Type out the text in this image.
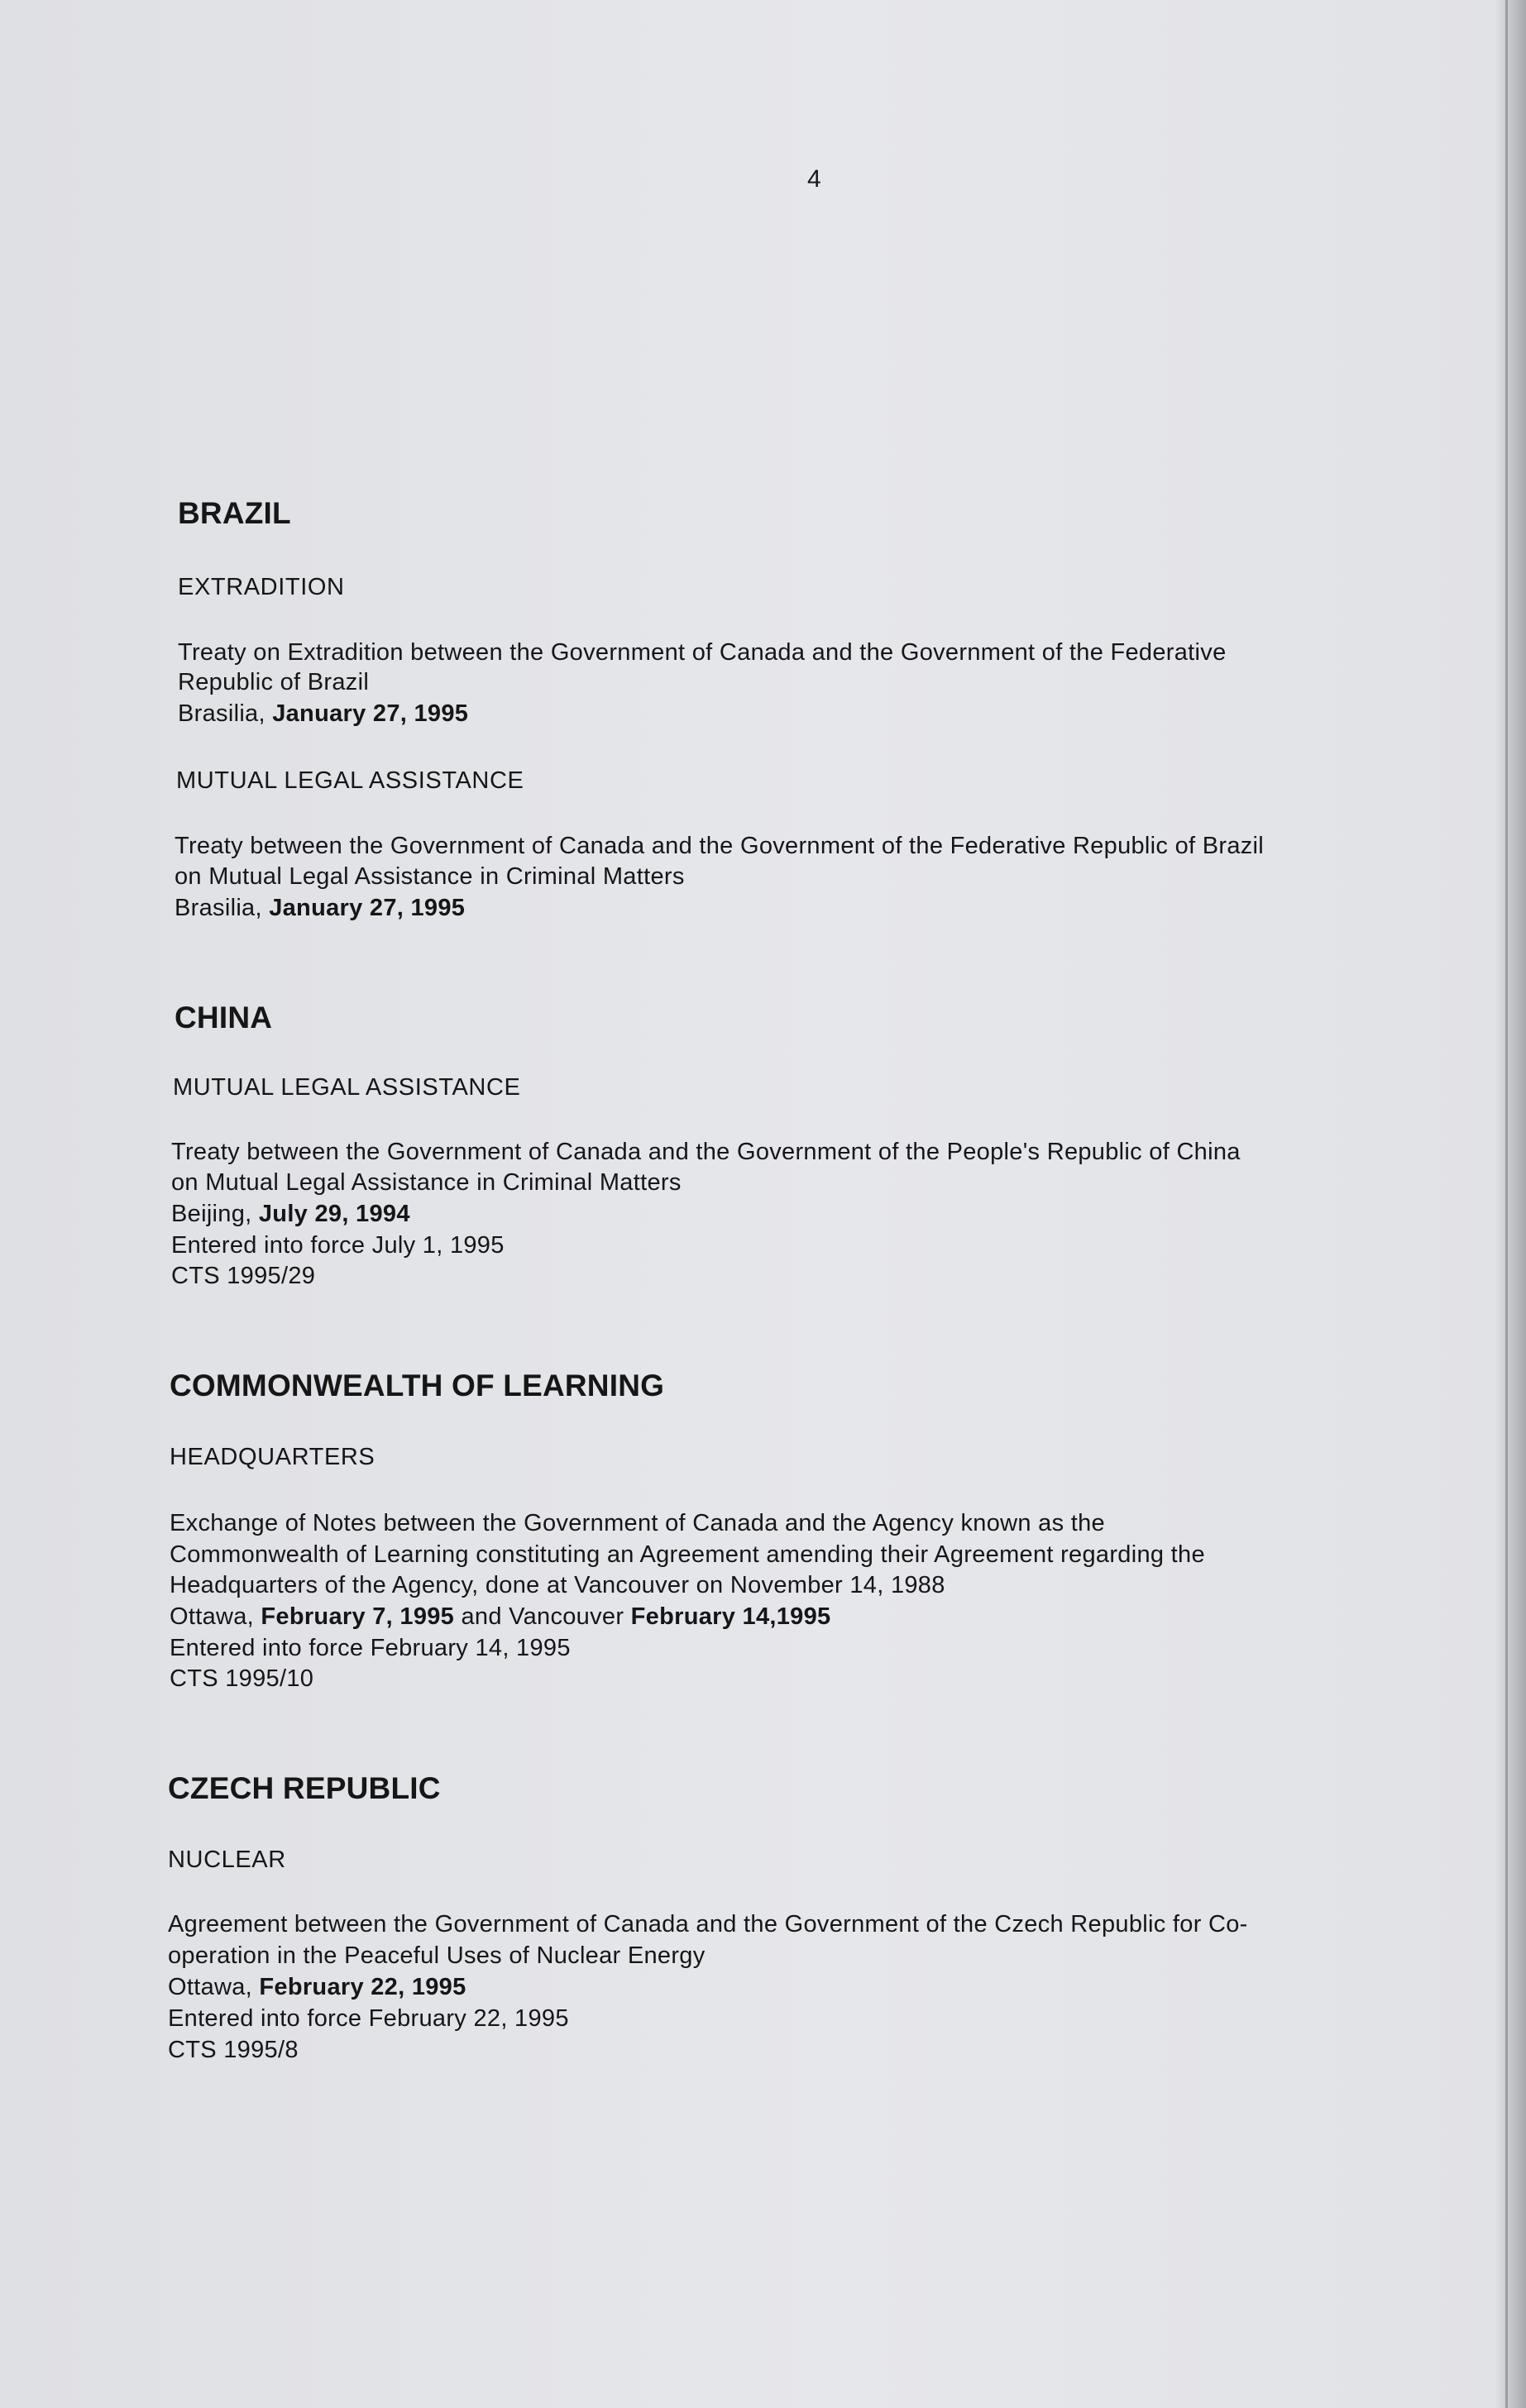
4

BRAZIL

EXTRADITION

Treaty on Extradition between the Government of Canada and the Government of the Federative

Republic of Brazil

Brasilia, January 27, 1995

MUTUAL LEGAL ASSISTANCE

Treaty between the Government of Canada and the Government of the Federative Republic of Brazil

on Mutual Legal Assistance in Criminal Matters

Brasilia, January 27, 1995

CHINA

MUTUAL LEGAL ASSISTANCE

Treaty between the Government of Canada and the Government of the People's Republic of China

on Mutual Legal Assistance in Criminal Matters

Beijing, July 29, 1994

Entered into force July 1, 1995

CTS 1995/29

COMMONWEALTH OF LEARNING

HEADQUARTERS

Exchange of Notes between the Government of Canada and the Agency known as the

Commonwealth of Learning constituting an Agreement amending their Agreement regarding the

Headquarters of the Agency, done at Vancouver on November 14, 1988

Ottawa, February 7, 1995 and Vancouver February 14,1995

Entered into force February 14, 1995

CTS 1995/10

CZECH REPUBLIC

NUCLEAR

Agreement between the Government of Canada and the Government of the Czech Republic for Co-

operation in the Peaceful Uses of Nuclear Energy

Ottawa, February 22, 1995

Entered into force February 22, 1995

CTS 1995/8
